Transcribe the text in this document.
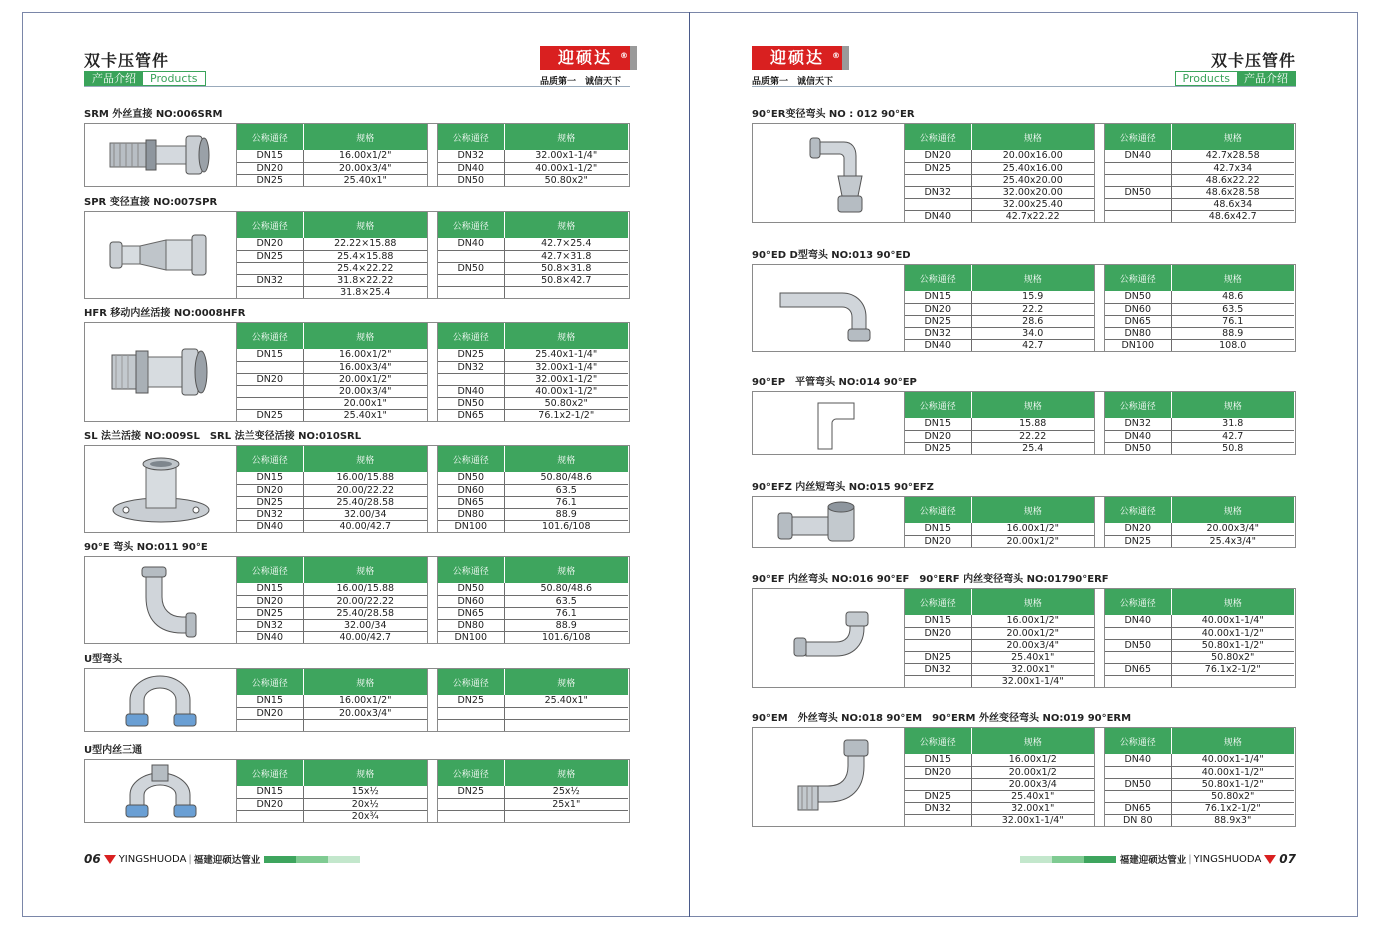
双卡压管件
产品介绍	Products
迎硕达 ®
品质第一　诚信天下
SRM 外丝直接 NO:006SRM
公称通径	规格
DN15	16.00x1/2"
DN20	20.00x3/4"
DN25	25.40x1"
公称通径	规格
DN32	32.00x1-1/4"
DN40	40.00x1-1/2"
DN50	50.80x2"
SPR 变径直接 NO:007SPR
公称通径	规格
DN20	22.22×15.88
DN25	25.4×15.88
	25.4×22.22
DN32	31.8×22.22
	31.8×25.4
公称通径	规格
DN40	42.7×25.4
	42.7×31.8
DN50	50.8×31.8
	50.8×42.7

HFR 移动内丝活接 NO:0008HFR
公称通径	规格
DN15	16.00x1/2"
	16.00x3/4"
DN20	20.00x1/2"
	20.00x3/4"
	20.00x1"
DN25	25.40x1"
公称通径	规格
DN25	25.40x1-1/4"
DN32	32.00x1-1/4"
	32.00x1-1/2"
DN40	40.00x1-1/2"
DN50	50.80x2"
DN65	76.1x2-1/2"
SL 法兰活接 NO:009SL　SRL 法兰变径活接 NO:010SRL
公称通径	规格
DN15	16.00/15.88
DN20	20.00/22.22
DN25	25.40/28.58
DN32	32.00/34
DN40	40.00/42.7
公称通径	规格
DN50	50.80/48.6
DN60	63.5
DN65	76.1
DN80	88.9
DN100	101.6/108
90°E 弯头 NO:011 90°E
公称通径	规格
DN15	16.00/15.88
DN20	20.00/22.22
DN25	25.40/28.58
DN32	32.00/34
DN40	40.00/42.7
公称通径	规格
DN50	50.80/48.6
DN60	63.5
DN65	76.1
DN80	88.9
DN100	101.6/108
U型弯头
公称通径	规格
DN15	16.00x1/2"
DN20	20.00x3/4"

公称通径	规格
DN25	25.40x1"

U型内丝三通
公称通径	规格
DN15	15x½
DN20	20x½
	20x¾
公称通径	规格
DN25	25x½
	25x1"

06 YINGSHUODA | 福建迎硕达管业
双卡压管件
Products	产品介绍
迎硕达 ®
品质第一　诚信天下
90°ER变径弯头 NO : 012 90°ER
公称通径	规格
DN20	20.00x16.00
DN25	25.40x16.00
	25.40x20.00
DN32	32.00x20.00
	32.00x25.40
DN40	42.7x22.22
公称通径	规格
DN40	42.7x28.58
	42.7x34
	48.6x22.22
DN50	48.6x28.58
	48.6x34
	48.6x42.7
90°ED D型弯头 NO:013 90°ED
公称通径	规格
DN15	15.9
DN20	22.2
DN25	28.6
DN32	34.0
DN40	42.7
公称通径	规格
DN50	48.6
DN60	63.5
DN65	76.1
DN80	88.9
DN100	108.0
90°EP　平管弯头 NO:014 90°EP
公称通径	规格
DN15	15.88
DN20	22.22
DN25	25.4
公称通径	规格
DN32	31.8
DN40	42.7
DN50	50.8
90°EFZ 内丝短弯头 NO:015 90°EFZ
公称通径	规格
DN15	16.00x1/2"
DN20	20.00x1/2"
公称通径	规格
DN20	20.00x3/4"
DN25	25.4x3/4"
90°EF 内丝弯头 NO:016 90°EF　90°ERF 内丝变径弯头 NO:01790°ERF
公称通径	规格
DN15	16.00x1/2"
DN20	20.00x1/2"
	20.00x3/4"
DN25	25.40x1"
DN32	32.00x1"
	32.00x1-1/4"
公称通径	规格
DN40	40.00x1-1/4"
	40.00x1-1/2"
DN50	50.80x1-1/2"
	50.80x2"
DN65	76.1x2-1/2"

90°EM　外丝弯头 NO:018 90°EM　90°ERM 外丝变径弯头 NO:019 90°ERM
公称通径	规格
DN15	16.00x1/2
DN20	20.00x1/2
	20.00x3/4
DN25	25.40x1"
DN32	32.00x1"
	32.00x1-1/4"
公称通径	规格
DN40	40.00x1-1/4"
	40.00x1-1/2"
DN50	50.80x1-1/2"
	50.80x2"
DN65	76.1x2-1/2"
DN 80	88.9x3"
福建迎硕达管业 | YINGSHUODA 07
